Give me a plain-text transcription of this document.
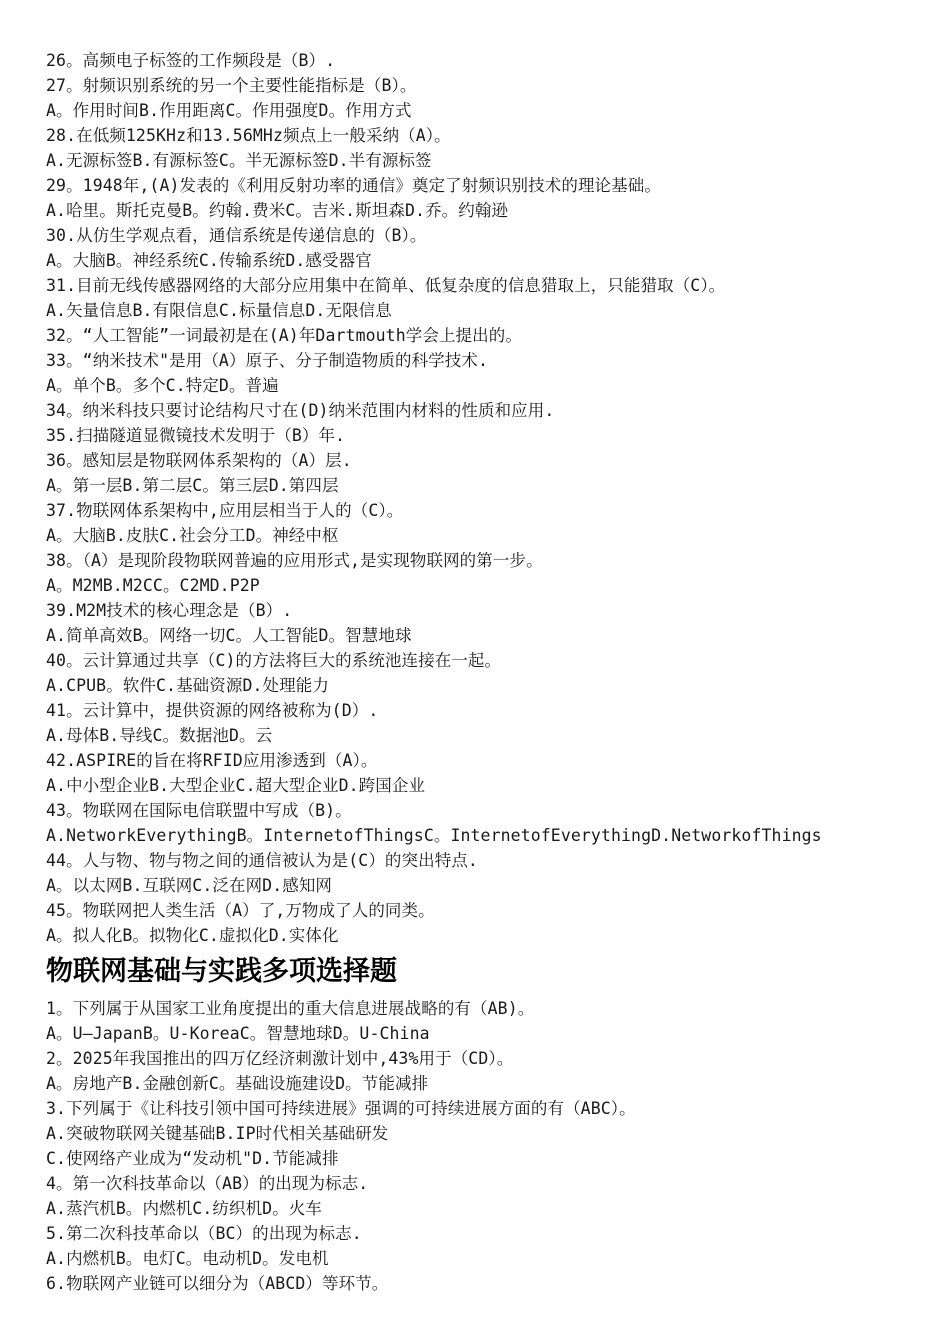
26。高频电子标签的工作频段是（B）.
27。射频识别系统的另一个主要性能指标是（B）。
A。作用时间B.作用距离C。作用强度D。作用方式
28.在低频125KHz和13.56MHz频点上一般采纳（A）。
A.无源标签B.有源标签C。半无源标签D.半有源标签
29。1948年,(A)发表的《利用反射功率的通信》奠定了射频识别技术的理论基础。
A.哈里。斯托克曼B。约翰.费米C。吉米.斯坦森D.乔。约翰逊
30.从仿生学观点看，通信系统是传递信息的（B）。
A。大脑B。神经系统C.传输系统D.感受器官
31.目前无线传感器网络的大部分应用集中在简单、低复杂度的信息猎取上，只能猎取（C）。
A.矢量信息B.有限信息C.标量信息D.无限信息
32。“人工智能”一词最初是在(A)年Dartmouth学会上提出的。
33。“纳米技术"是用（A）原子、分子制造物质的科学技术.
A。单个B。多个C.特定D。普遍
34。纳米科技只要讨论结构尺寸在(D)纳米范围内材料的性质和应用.
35.扫描隧道显微镜技术发明于（B）年.
36。感知层是物联网体系架构的（A）层.
A。第一层B.第二层C。第三层D.第四层
37.物联网体系架构中,应用层相当于人的（C）。
A。大脑B.皮肤C.社会分工D。神经中枢
38。（A）是现阶段物联网普遍的应用形式,是实现物联网的第一步。
A。M2MB.M2CC。C2MD.P2P
39.M2M技术的核心理念是（B）.
A.简单高效B。网络一切C。人工智能D。智慧地球
40。云计算通过共享（C)的方法将巨大的系统池连接在一起。
A.CPUB。软件C.基础资源D.处理能力
41。云计算中，提供资源的网络被称为(D）.
A.母体B.导线C。数据池D。云
42.ASPIRE的旨在将RFID应用渗透到（A）。
A.中小型企业B.大型企业C.超大型企业D.跨国企业
43。物联网在国际电信联盟中写成（B)。
A.NetworkEverythingB。InternetofThingsC。InternetofEverythingD.NetworkofThings
44。人与物、物与物之间的通信被认为是(C）的突出特点.
A。以太网B.互联网C.泛在网D.感知网
45。物联网把人类生活（A）了,万物成了人的同类。
A。拟人化B。拟物化C.虚拟化D.实体化
物联网基础与实践多项选择题
1。下列属于从国家工业角度提出的重大信息进展战略的有（AB)。
A。U—JapanB。U-KoreaC。智慧地球D。U-China
2。2025年我国推出的四万亿经济刺激计划中,43%用于（CD）。
A。房地产B.金融创新C。基础设施建设D。节能减排
3.下列属于《让科技引领中国可持续进展》强调的可持续进展方面的有（ABC）。
A.突破物联网关键基础B.IP时代相关基础研发
C.使网络产业成为“发动机"D.节能减排
4。第一次科技革命以（AB）的出现为标志.
A.蒸汽机B。内燃机C.纺织机D。火车
5.第二次科技革命以（BC）的出现为标志.
A.内燃机B。电灯C。电动机D。发电机
6.物联网产业链可以细分为（ABCD）等环节。
